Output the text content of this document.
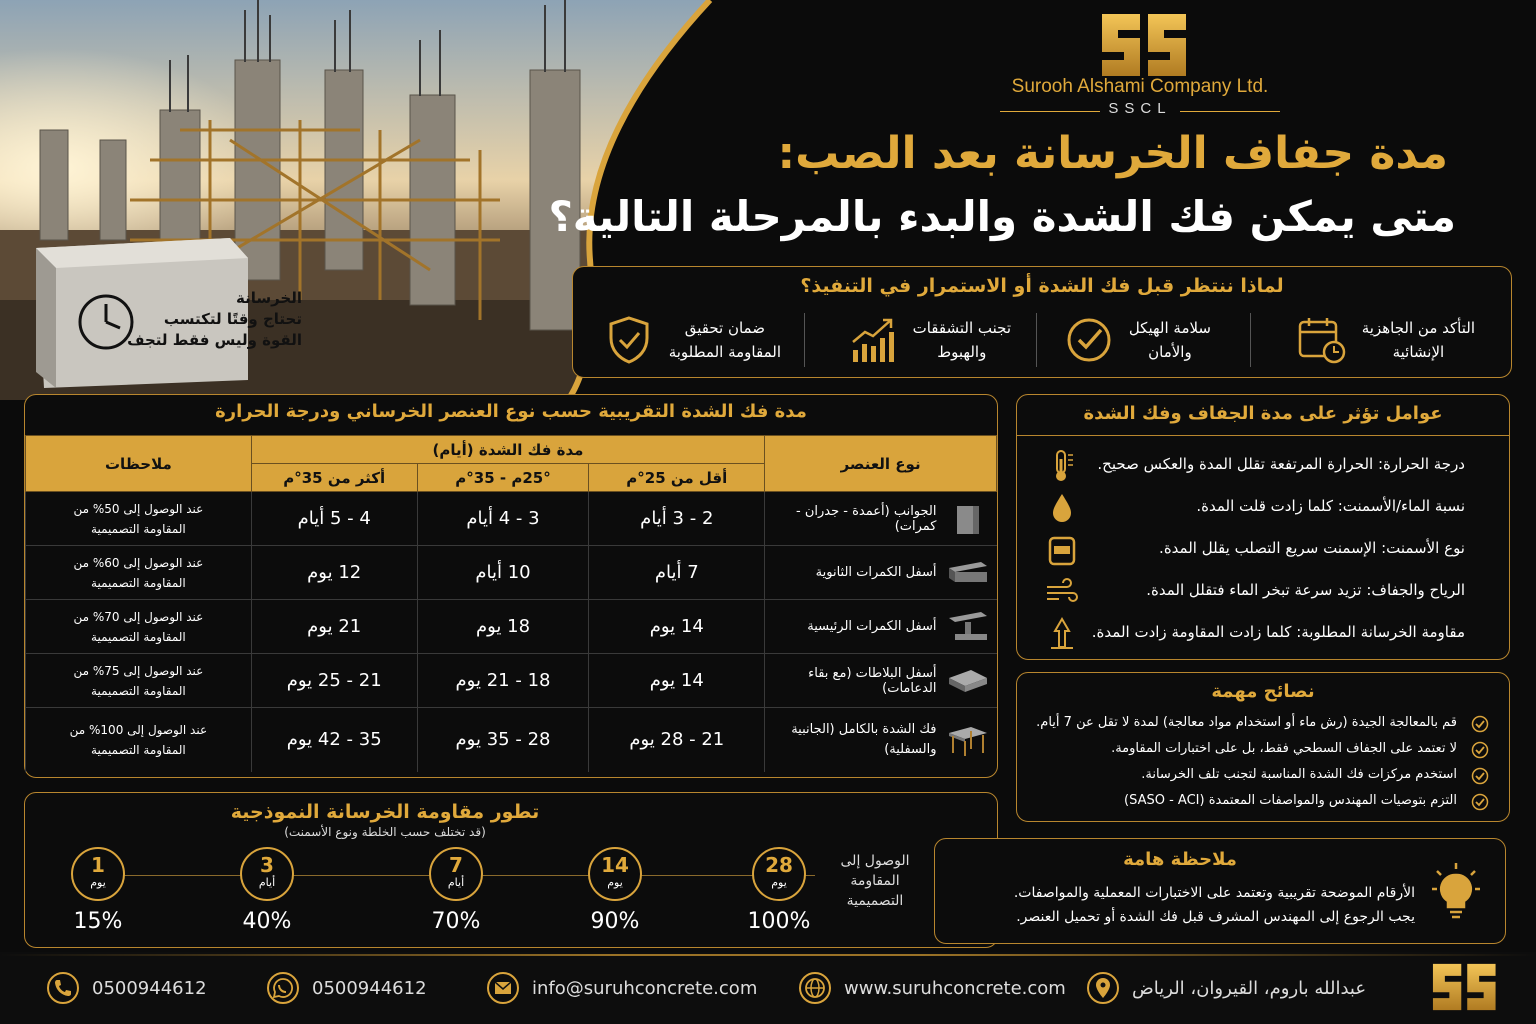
الخرسانة
تحتاج وقتًا لتكتسب
القوة وليس فقط لتجف
Surooh Alshami Company Ltd.
SSCL
مدة جفاف الخرسانة بعد الصب:
متى يمكن فك الشدة والبدء بالمرحلة التالية؟
لماذا ننتظر قبل فك الشدة أو الاستمرار في التنفيذ؟
التأكد من الجاهزية
الإنشائية
سلامة الهيكل
والأمان
تجنب التشققات
والهبوط
ضمان تحقيق
المقاومة المطلوبة
مدة فك الشدة التقريبية حسب نوع العنصر الخرساني ودرجة الحرارة
نوع العنصر	مدة فك الشدة (أيام)			ملاحظات
	أقل من 25°م	25°م - 35°م	أكثر من 35°م	

الجوانب (أعمدة - جدران - كمرات)	2 - 3 أيام	3 - 4 أيام	4 - 5 أيام	عند الوصول إلى 50% من
المقاومة التصميمية

أسفل الكمرات الثانوية	7 أيام	10 أيام	12 يوم	عند الوصول إلى 60% من
المقاومة التصميمية

أسفل الكمرات الرئيسية	14 يوم	18 يوم	21 يوم	عند الوصول إلى 70% من
المقاومة التصميمية

أسفل البلاطات (مع بقاء الدعامات)	14 يوم	18 - 21 يوم	21 - 25 يوم	عند الوصول إلى 75% من
المقاومة التصميمية

فك الشدة بالكامل (الجانبية والسفلية)	21 - 28 يوم	28 - 35 يوم	35 - 42 يوم	عند الوصول إلى 100% من
المقاومة التصميمية
عوامل تؤثر على مدة الجفاف وفك الشدة
درجة الحرارة: الحرارة المرتفعة تقلل المدة والعكس صحيح.
نسبة الماء/الأسمنت: كلما زادت قلت المدة.
نوع الأسمنت: الإسمنت سريع التصلب يقلل المدة.
الرياح والجفاف: تزيد سرعة تبخر الماء فتقلل المدة.
مقاومة الخرسانة المطلوبة: كلما زادت المقاومة زادت المدة.
نصائح مهمة
قم بالمعالجة الجيدة (رش ماء أو استخدام مواد معالجة) لمدة لا تقل عن 7 أيام.
لا تعتمد على الجفاف السطحي فقط، بل على اختبارات المقاومة.
استخدم مركزات فك الشدة المناسبة لتجنب تلف الخرسانة.
التزم بتوصيات المهندس والمواصفات المعتمدة (SASO - ACI)
تطور مقاومة الخرسانة النموذجية
(قد تختلف حسب الخلطة ونوع الأسمنت)
1
يوم
15%
3
أيام
40%
7
أيام
70%
14
يوم
90%
28
يوم
100%
الوصول إلى
المقاومة
التصميمية
ملاحظة هامة
الأرقام الموضحة تقريبية وتعتمد على الاختبارات المعملية والمواصفات.
يجب الرجوع إلى المهندس المشرف قبل فك الشدة أو تحميل العنصر.
0500944612	0500944612	info@suruhconcrete.com	www.suruhconcrete.com	عبدالله باروم، القيروان، الرياض
